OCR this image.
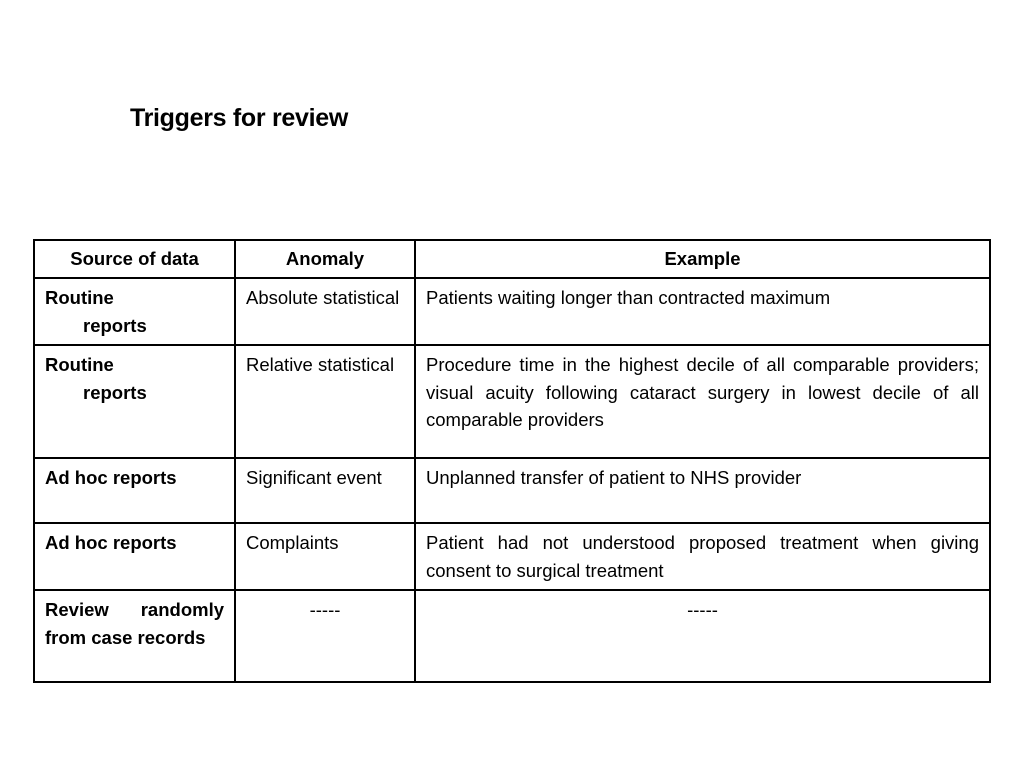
Triggers for review
Source of data	Anomaly	Example

Routine
reports	Absolute statistical	Patients waiting longer than contracted maximum

Routine
reports	Relative statistical	Procedure time in the highest decile of all comparable providers; visual acuity following cataract surgery in lowest decile of all comparable providers
Ad hoc reports	Significant event	Unplanned transfer of patient to NHS provider
Ad hoc reports	Complaints	Patient had not understood proposed treatment when giving consent to surgical treatment
Review randomly from case records	-----	-----
